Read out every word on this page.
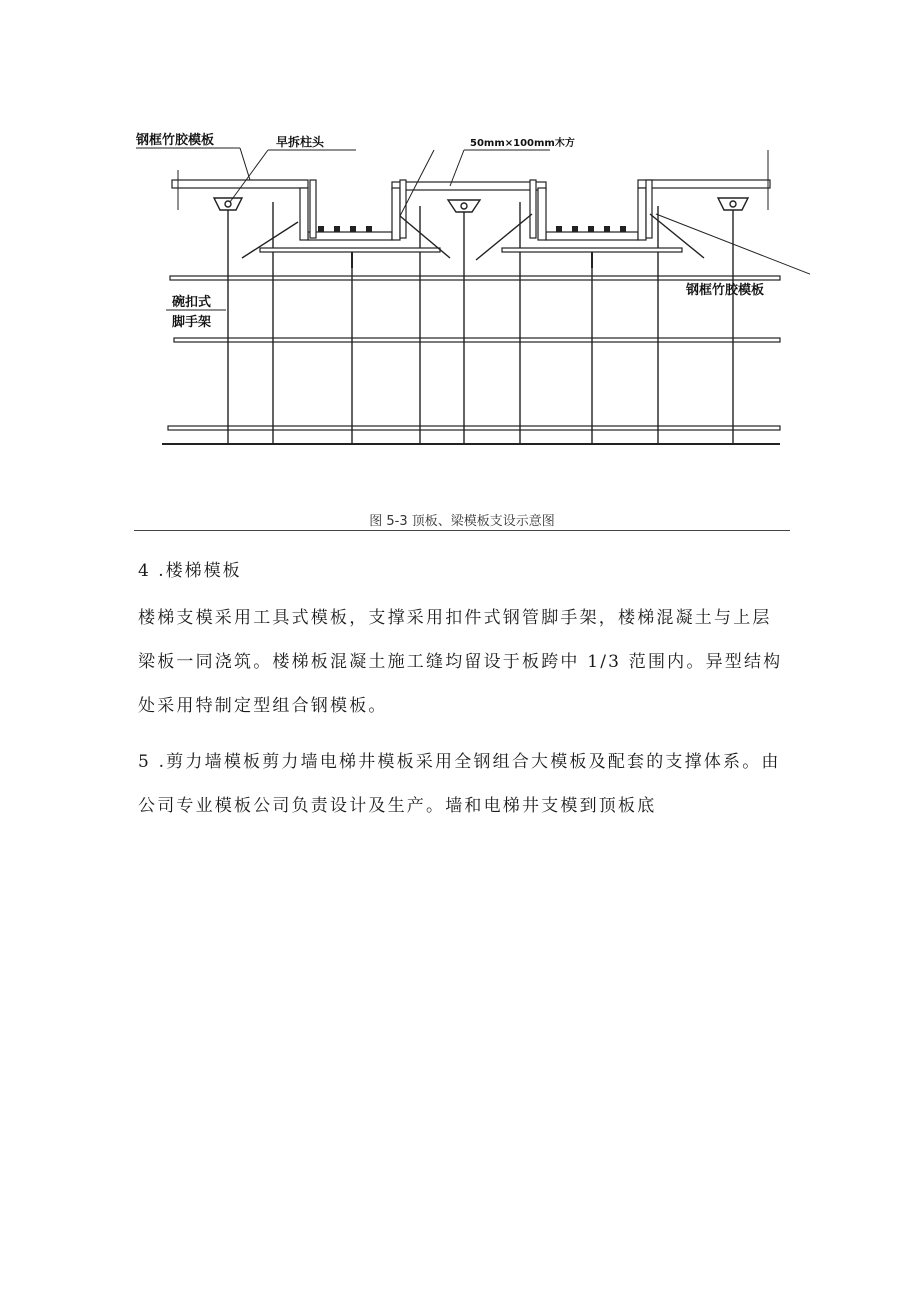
钢框竹胶模板	早拆柱头	50mm×100mm木方
碗扣式
脚手架
钢框竹胶模板
图 5-3 顶板、梁模板支设示意图
4 .楼梯模板
楼梯支模采用工具式模板，支撑采用扣件式钢管脚手架，楼梯混凝土与上层梁板一同浇筑。楼梯板混凝土施工缝均留设于板跨中 1/3 范围内。异型结构处采用特制定型组合钢模板。
5 .剪力墙模板剪力墙电梯井模板采用全钢组合大模板及配套的支撑体系。由公司专业模板公司负责设计及生产。墙和电梯井支模到顶板底
